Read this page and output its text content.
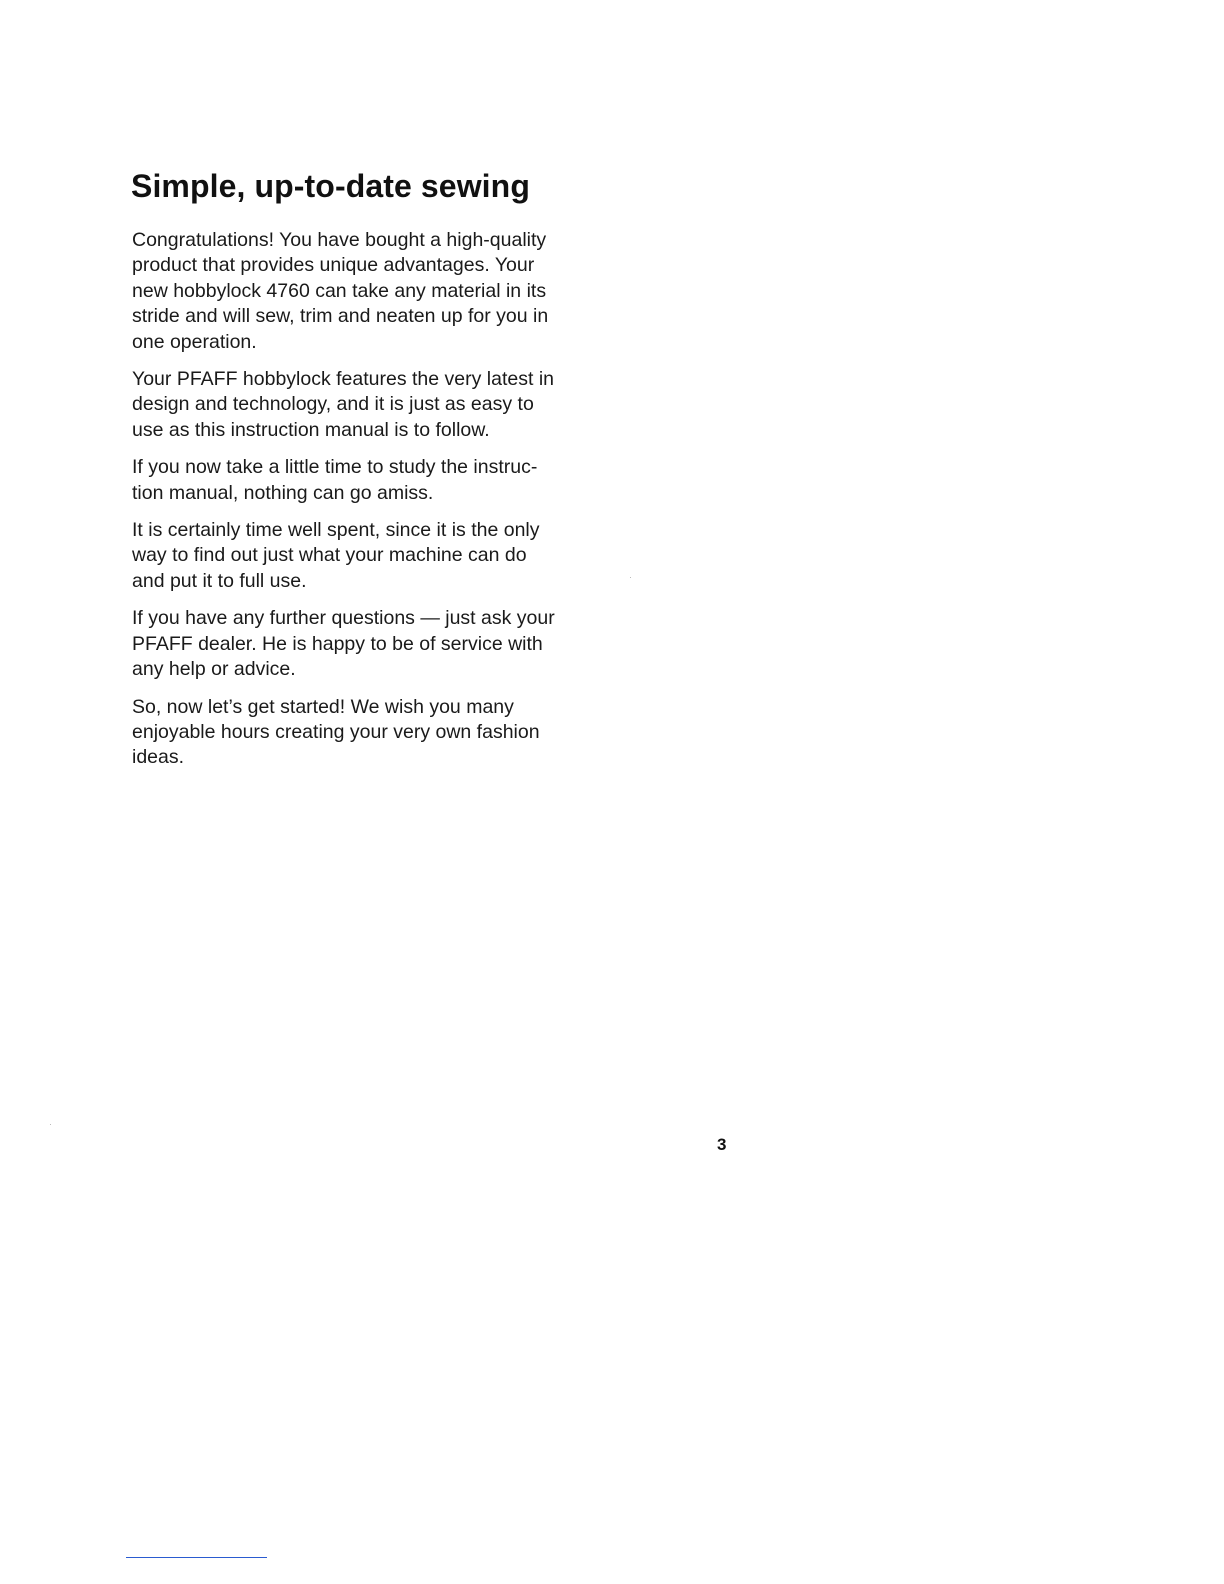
Simple, up-to-date sewing

Congratulations! You have bought a high-quality
product that provides unique advantages. Your
new hobbylock 4760 can take any material in its
stride and will sew, trim and neaten up for you in
one operation.

Your PFAFF hobbylock features the very latest in
design and technology, and it is just as easy to
use as this instruction manual is to follow.

If you now take a little time to study the instruc-
tion manual, nothing can go amiss.

It is certainly time well spent, since it is the only
way to find out just what your machine can do
and put it to full use.

If you have any further questions — just ask your
PFAFF dealer. He is happy to be of service with
any help or advice.

So, now let’s get started! We wish you many
enjoyable hours creating your very own fashion
ideas.

3
